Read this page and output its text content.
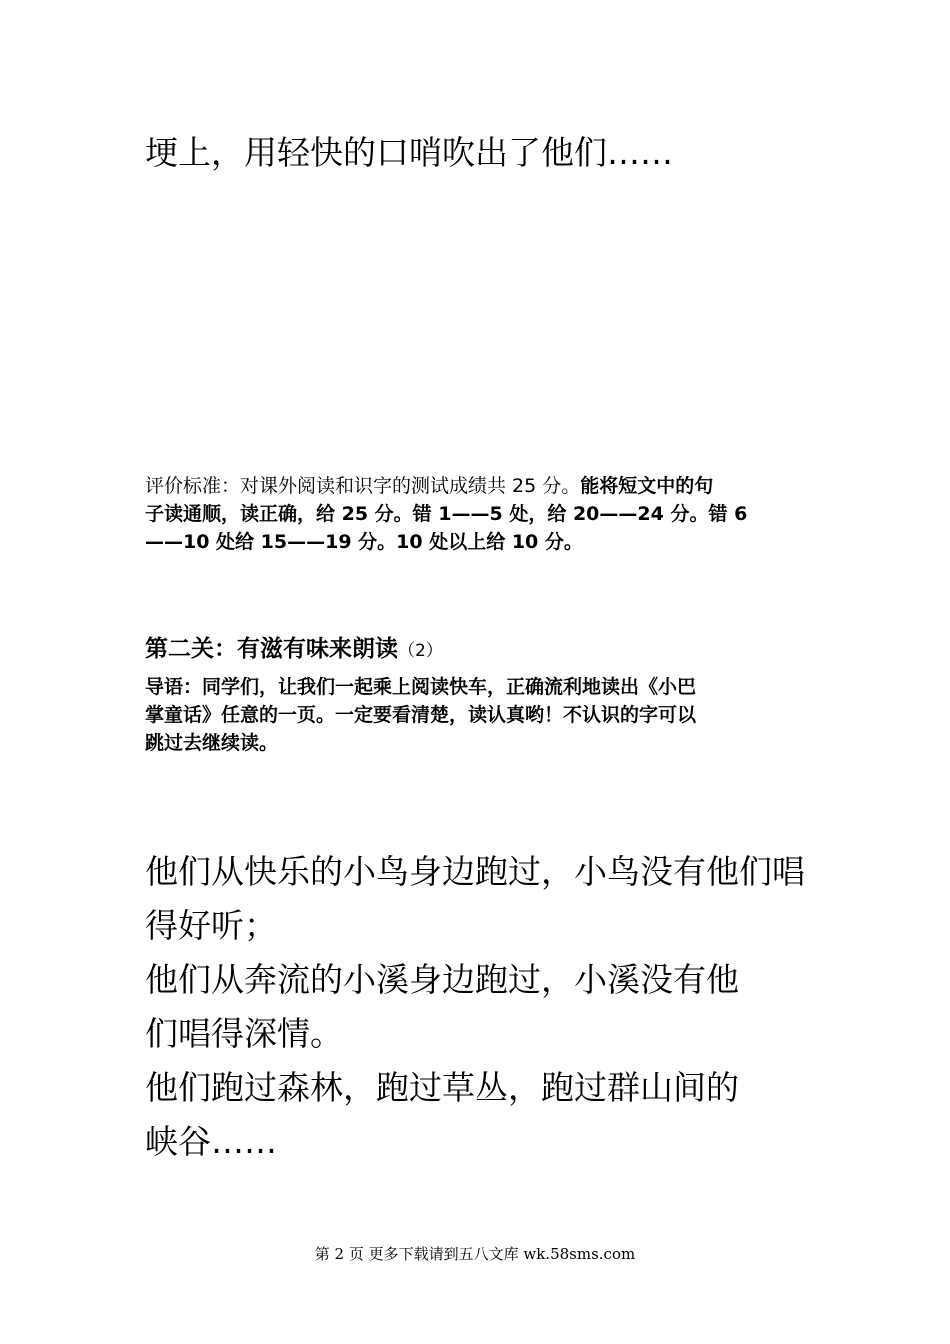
埂上，用轻快的口哨吹出了他们……

评价标准：对课外阅读和识字的测试成绩共 25 分。能将短文中的句
子读通顺，读正确，给 25 分。错 1——5 处，给 20——24 分。错 6
——10 处给 15——19 分。10 处以上给 10 分。
第二关：有滋有味来朗读（2）
导语：同学们，让我们一起乘上阅读快车，正确流利地读出《小巴
掌童话》任意的一页。一定要看清楚，读认真哟！不认识的字可以
跳过去继续读。
他们从快乐的小鸟身边跑过，小鸟没有他们唱
得好听；
他们从奔流的小溪身边跑过，小溪没有他
们唱得深情。
他们跑过森林，跑过草丛，跑过群山间的
峡谷……
第 2 页 更多下载请到五八文库 wk.58sms.com
